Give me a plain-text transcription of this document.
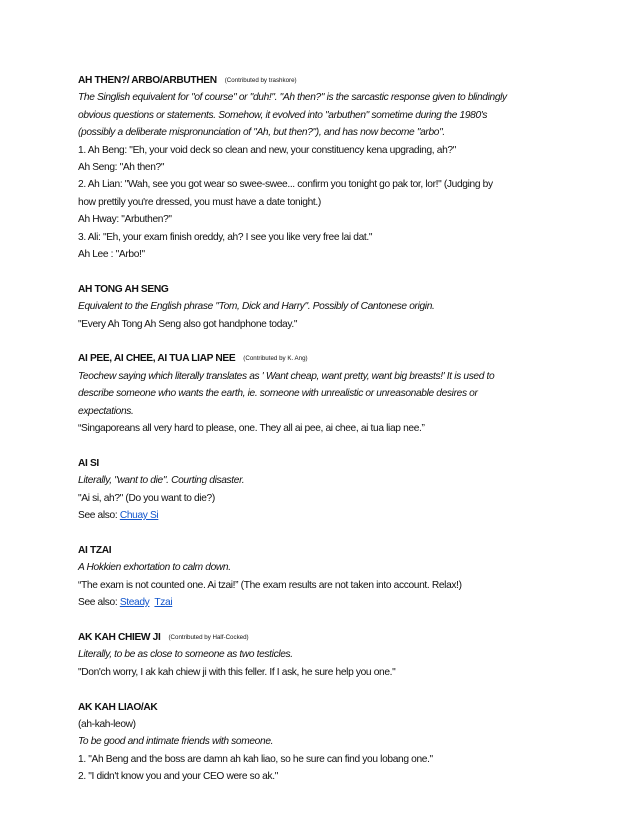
AH THEN?/ ARBO/ARBUTHEN (Contributed by trashkore)
The Singlish equivalent for "of course" or "duh!". "Ah then?" is the sarcastic response given to blindingly
obvious questions or statements. Somehow, it evolved into "arbuthen" sometime during the 1980's
(possibly a deliberate mispronunciation of "Ah, but then?"), and has now become "arbo".
1. Ah Beng: "Eh, your void deck so clean and new, your constituency kena upgrading, ah?"
Ah Seng: "Ah then?"
2. Ah Lian: "Wah, see you got wear so swee-swee... confirm you tonight go pak tor, lor!" (Judging by
how prettily you're dressed, you must have a date tonight.)
Ah Hway: "Arbuthen?"
3. Ali: "Eh, your exam finish oreddy, ah? I see you like very free lai dat."
Ah Lee : "Arbo!"
AH TONG AH SENG
Equivalent to the English phrase "Tom, Dick and Harry". Possibly of Cantonese origin.
"Every Ah Tong Ah Seng also got handphone today."
AI PEE, AI CHEE, AI TUA LIAP NEE (Contributed by K. Ang)
Teochew saying which literally translates as ' Want cheap, want pretty, want big breasts!' It is used to
describe someone who wants the earth, ie. someone with unrealistic or unreasonable desires or
expectations.
“Singaporeans all very hard to please, one. They all ai pee, ai chee, ai tua liap nee.”
AI SI
Literally, "want to die". Courting disaster.
"Ai si, ah?" (Do you want to die?)
See also: Chuay Si
AI TZAI
A Hokkien exhortation to calm down.
“The exam is not counted one. Ai tzai!” (The exam results are not taken into account. Relax!)
See also: Steady Tzai
AK KAH CHIEW JI (Contributed by Half-Cocked)
Literally, to be as close to someone as two testicles.
"Don'ch worry, I ak kah chiew ji with this feller. If I ask, he sure help you one."
AK KAH LIAO/AK
(ah-kah-leow)
To be good and intimate friends with someone.
1. "Ah Beng and the boss are damn ah kah liao, so he sure can find you lobang one."
2. "I didn't know you and your CEO were so ak."
